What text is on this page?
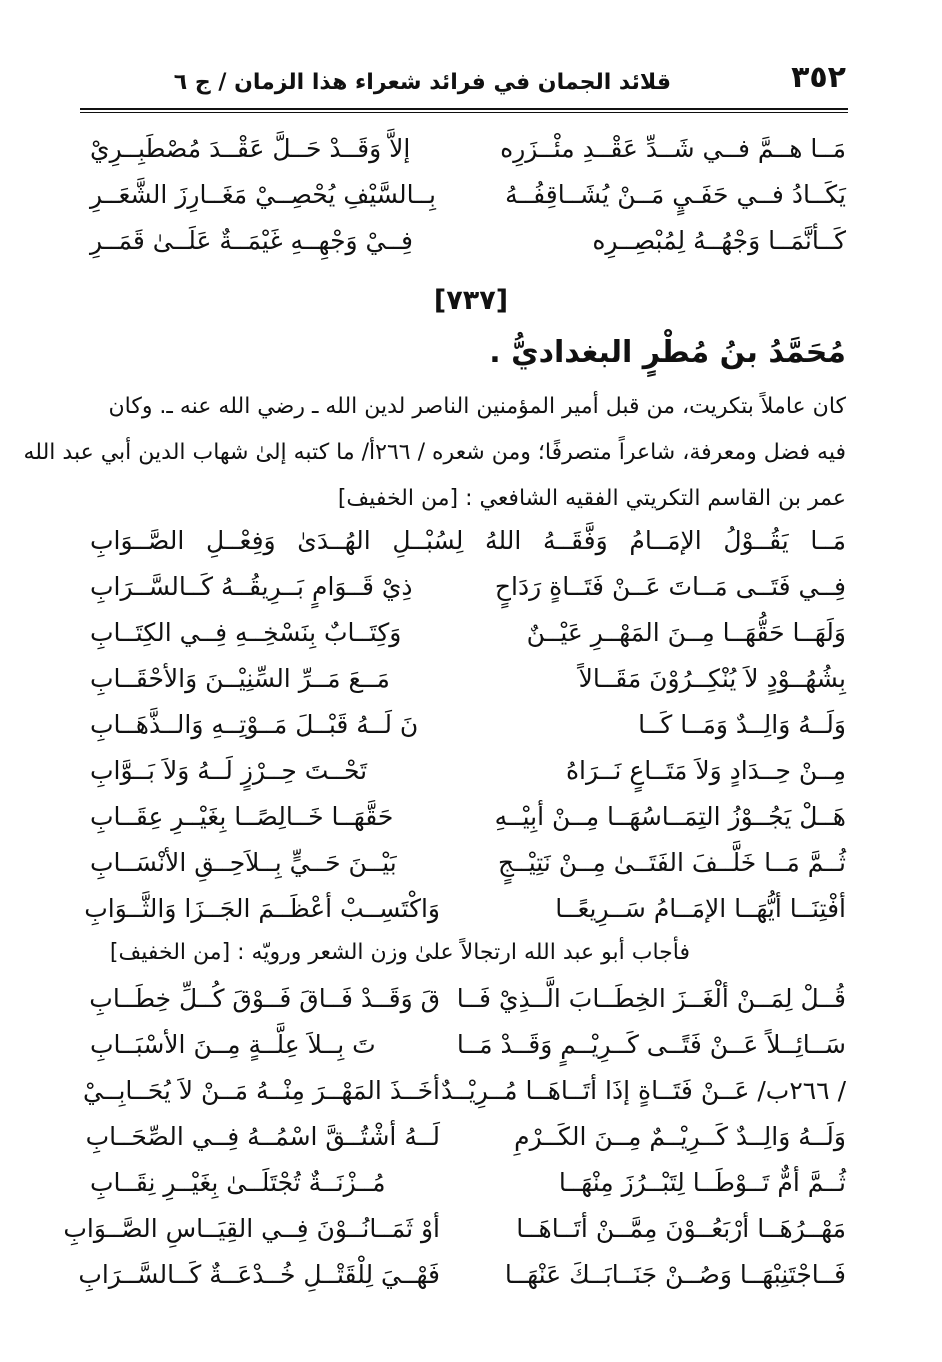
٣٥٢
قلائد الجمان في فرائد شعراء هذا الزمان / ج ٦
مَــا هــمَّ فــي شَــدِّ عَقْــدِ مئْــزَرِه
إلاَّ وَقَــدْ حَــلَّ عَقْــدَ مُصْطَبِــرِيْ
يَكَــادُ فــي حَفَـيٍ مَــنْ يُشَــاقِفُــهُ
بِــالسَّيْفِ يُحْصِــيْ مَغَــارِزَ الشَّعَــرِ
كَــأنَّمَــا وَجْهُــهُ لِمُبْصِــرِه
فِــيْ وَجْهِــهِ غَيْمَــةٌ عَلَــىٰ قَمَــرِ
[٧٣٧]
مُحَمَّدُ بنُ مُطْرٍ البغداديُّ .
كان عاملاً بتكريت، من قبل أمير المؤمنين الناصر لدين الله ـ رضي الله عنه ـ. وكان
فيه فضل ومعرفة، شاعراً متصرفًا؛ ومن شعره / ٢٦٦أ/ ما كتبه إلىٰ شهاب الدين أبي عبد الله
عمر بن القاسم التكريتي الفقيه الشافعي : [من الخفيف]
مَــا يَقُــوْلُ الإمَــامُ وَفَّقَــهُ اللهُ لِسُبْــلِ الهُــدَىٰ وَفِعْــلِ الصَّــوَابِ
فِــي فَتَــى مَــاتَ عَــنْ فَتَــاةٍ رَدَاحٍ
ذِيْ قَــوَامٍ بَــرِيقُــهُ كَــالسَّــرَابِ
وَلَهَــا حَقُّهَــا مِــنَ المَهْــرِ عَيْــنٌ
وَكِتَــابٌ بِنَسْخِــهِ فِــي الكِتَــابِ
بِشُهُــوْدٍ لاَ يُنْكِــرُوْنَ مَقَــالاً
مَــعَ مَــرِّ السِّنِيْــنَ وَالأحْقَــابِ
وَلَــهُ وَالِــدٌ وَمَــا كَــا
نَ لَــهُ قَبْــلَ مَــوْتِــهِ وَالــذَّهَــابِ
مِــنْ حِــدَادٍ وَلاَ مَتَــاعٍ نَــرَاهُ
تَحْــتَ حِــرْزٍ لَــهُ وَلاَ بَــوَّابِ
هَــلْ يَجُــوْزُ التِمَــاسُهَــا مِــنْ أبِيْــهِ
حَقَّهَــا خَــالِصًــا بِغَيْــرِ عِقَــابِ
ثُــمَّ مَــا خَلَّــفَ الفَتَــىٰ مِــنْ نَتِيْــجٍ
بَيْــنَ حَــيٍّ بِــلاَحِــقِ الأنْسَــابِ
أفْتِنَــا أيُّهَــا الإمَــامُ سَــرِيعًــا
وَاكْتَسِــبْ أعْظَــمَ الجَــزَا وَالثَّــوَابِ
فأجاب أبو عبد الله ارتجالاً علىٰ وزن الشعر ورويّه : [من الخفيف]
قُــلْ لِمَــنْ ألْغَــزَ الخِطَــابَ الَّــذِيْ فَــا
قَ وَقَــدْ فَــاقَ فَــوْقَ كُــلِّ خِطَــابِ
سَــائِــلاً عَــنْ فَتًــى كَــرِيْــمٍ وَقَــدْ مَــا
تَ بِــلاَ عِلَّــةٍ مِــنَ الأسْبَــابِ
/ ٢٦٦ب/ عَــنْ فَتَــاةٍ إذَا أتَــاهَــا مُــرِيْــدٌ
أخَــذَ المَهْــرَ مِنْــهُ مَــنْ لاَ يُحَــابِــيْ
وَلَــهُ وَالِــدٌ كَــرِيْــمٌ مِــنَ الكَــرْمِ
لَــهُ أشْتُــقَّ اسْمُــهُ فِــي الصِّحَــابِ
ثُــمَّ أمٌّ تَــوْطَــا لِتَبْــرُزَ مِنْهَــا
مُــزْنَــةٌ تُجْتَلَــىٰ بِغَيْــرِ نِقَــابِ
مَهْــرُهَــا أرْبَعُــوْنَ مِمَّــنْ أتَــاهَــا
أوْ ثَمَــانُــوْنَ فِــي القِيَــاسِ الصَّــوَابِ
فَــاجْتَنِبْهَــا وَصُــنْ جَنَــابَــكَ عَنْهَــا
فَهْــيَ لِلْقَتْــلِ خُــدْعَــةٌ كَــالسَّــرَابِ
